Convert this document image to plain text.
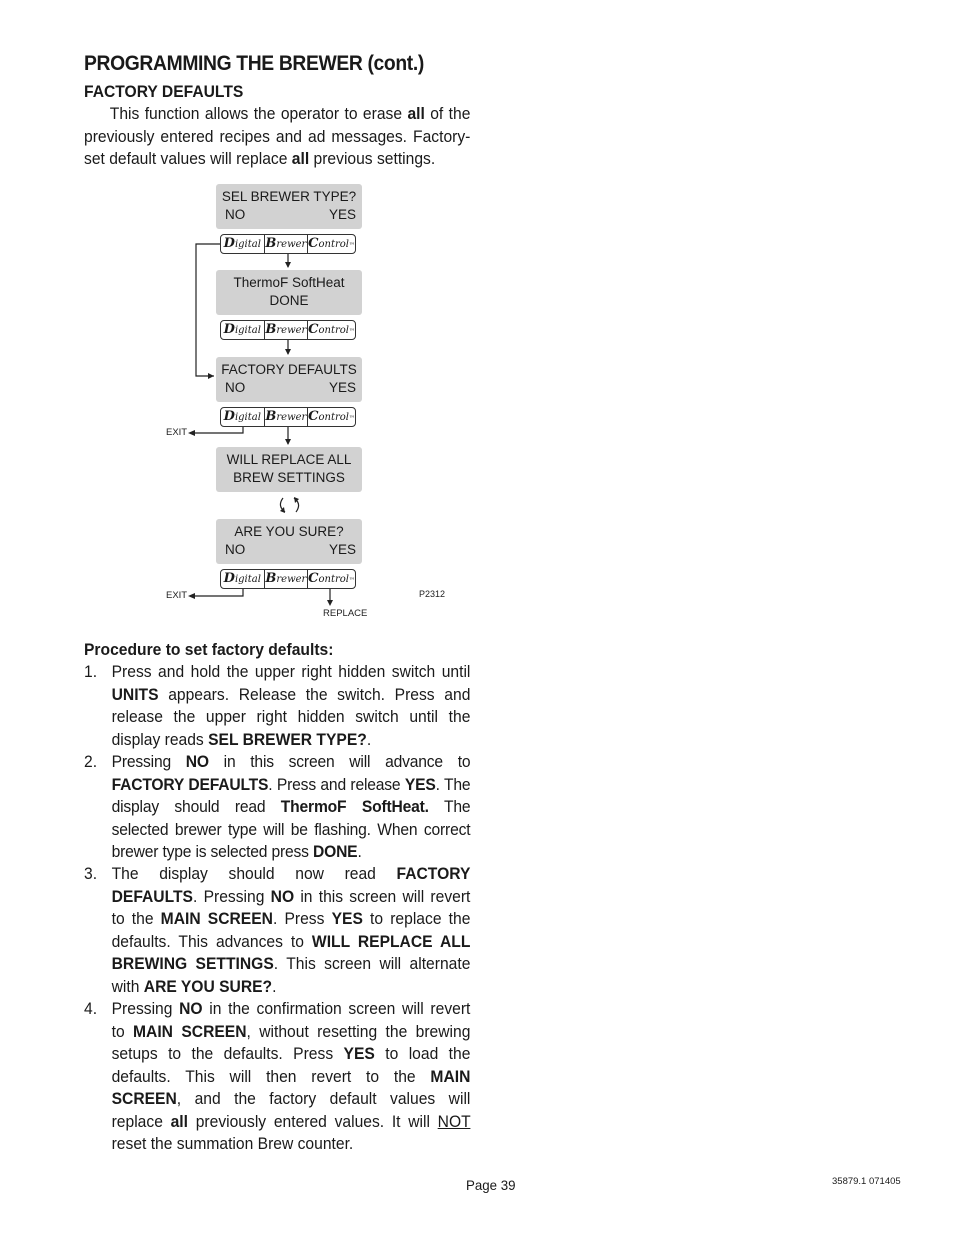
PROGRAMMING THE BREWER (cont.)
FACTORY DEFAULTS

This function allows the operator to erase all of the previously entered recipes and ad messages. Factory-set default values will replace all previous settings.

SEL BREWER TYPE?
NO	YES
Digital Brewer Control™
ThermoF SoftHeat
DONE
Digital Brewer Control™
FACTORY DEFAULTS
NO	YES
Digital Brewer Control™
EXIT
WILL REPLACE ALL
BREW SETTINGS
ARE YOU SURE?
NO	YES
Digital Brewer Control™
EXIT
REPLACE
P2312
Procedure to set factory defaults:
1. Press and hold the upper right hidden switch until UNITS appears. Release the switch. Press and release the upper right hidden switch until the display reads SEL BREWER TYPE?.
2. Pressing NO in this screen will advance to FACTORY DEFAULTS. Press and release YES. The display should read ThermoF SoftHeat. The selected brewer type will be flashing. When correct brewer type is selected press DONE.
3. The display should now read FACTORY DEFAULTS. Pressing NO in this screen will revert to the MAIN SCREEN. Press YES to replace the defaults. This advances to WILL REPLACE ALL BREWING SETTINGS. This screen will alternate with ARE YOU SURE?.
4. Pressing NO in the confirmation screen will revert to MAIN SCREEN, without resetting the brewing setups to the defaults. Press YES to load the defaults. This will then revert to the MAIN SCREEN, and the factory default values will replace all previously entered values. It will NOT reset the summation Brew counter.
Page 39	35879.1 071405
